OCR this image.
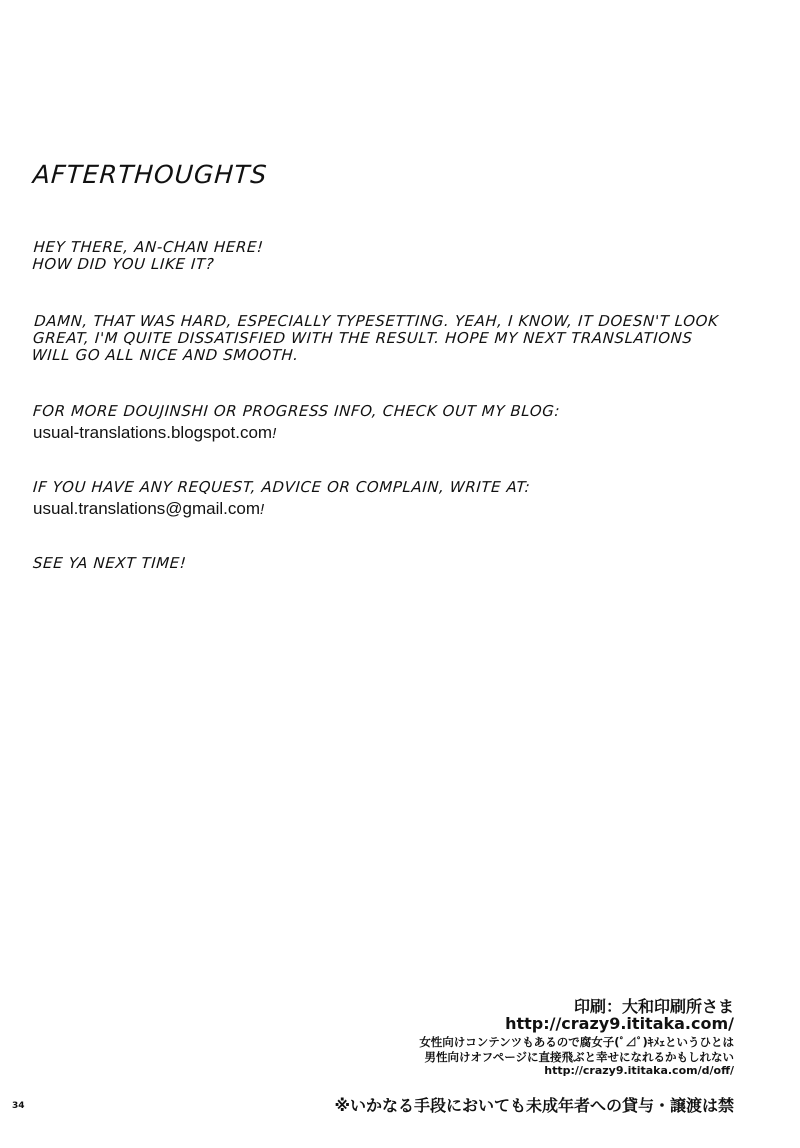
AFTERTHOUGHTS
HEY THERE, AN-CHAN HERE!
HOW DID YOU LIKE IT?
DAMN, THAT WAS HARD, ESPECIALLY TYPESETTING. YEAH, I KNOW, IT DOESN'T LOOK
GREAT, I'M QUITE DISSATISFIED WITH THE RESULT. HOPE MY NEXT TRANSLATIONS
WILL GO ALL NICE AND SMOOTH.
FOR MORE DOUJINSHI OR PROGRESS INFO, CHECK OUT MY BLOG:
usual-translations.blogspot.com!
IF YOU HAVE ANY REQUEST, ADVICE OR COMPLAIN, WRITE AT:
usual.translations@gmail.com!
SEE YA NEXT TIME!
印刷：大和印刷所さま
http://crazy9.ititaka.com/
女性向けコンテンツもあるので腐女子(ﾟ⊿ﾟ)ｷﾒｪというひとは
男性向けオフページに直接飛ぶと幸せになれるかもしれない
http://crazy9.ititaka.com/d/off/
※いかなる手段においても未成年者への貸与・譲渡は禁
34
